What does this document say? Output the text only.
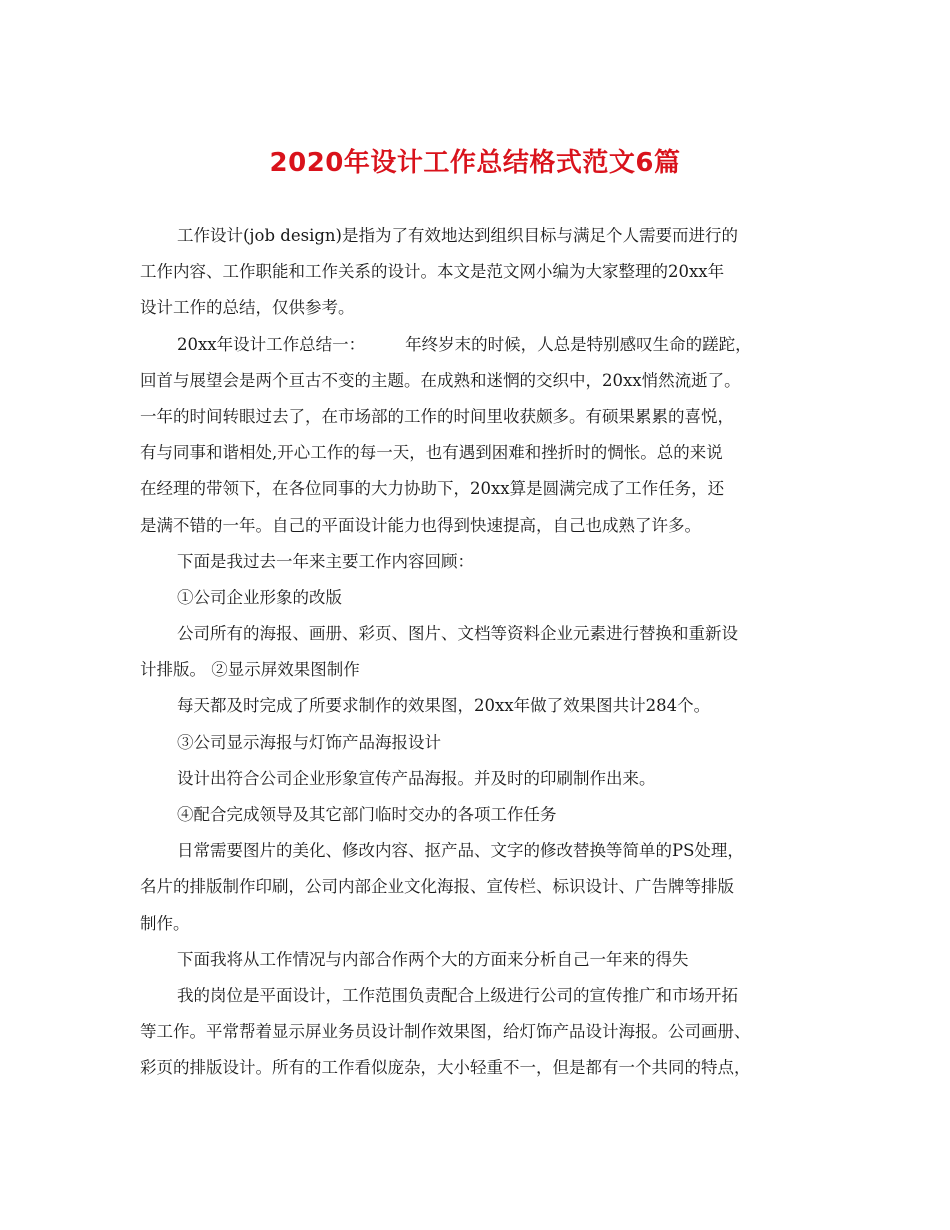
2020年设计工作总结格式范文6篇
工作设计(job design)是指为了有效地达到组织目标与满足个人需要而进行的
工作内容、工作职能和工作关系的设计。本文是范文网小编为大家整理的20xx年
设计工作的总结，仅供参考。
20xx年设计工作总结一： 年终岁末的时候，人总是特别感叹生命的蹉跎，
回首与展望会是两个亘古不变的主题。在成熟和迷惘的交织中，20xx悄然流逝了。
一年的时间转眼过去了，在市场部的工作的时间里收获颇多。有硕果累累的喜悦，
有与同事和谐相处,开心工作的每一天，也有遇到困难和挫折时的惆怅。总的来说
在经理的带领下，在各位同事的大力协助下，20xx算是圆满完成了工作任务，还
是满不错的一年。自己的平面设计能力也得到快速提高，自己也成熟了许多。
下面是我过去一年来主要工作内容回顾：
①公司企业形象的改版
公司所有的海报、画册、彩页、图片、文档等资料企业元素进行替换和重新设
计排版。 ②显示屏效果图制作
每天都及时完成了所要求制作的效果图，20xx年做了效果图共计284个。
③公司显示海报与灯饰产品海报设计
设计出符合公司企业形象宣传产品海报。并及时的印刷制作出来。
④配合完成领导及其它部门临时交办的各项工作任务
日常需要图片的美化、修改内容、抠产品、文字的修改替换等简单的PS处理，
名片的排版制作印刷，公司内部企业文化海报、宣传栏、标识设计、广告牌等排版
制作。
下面我将从工作情况与内部合作两个大的方面来分析自己一年来的得失
我的岗位是平面设计，工作范围负责配合上级进行公司的宣传推广和市场开拓
等工作。平常帮着显示屏业务员设计制作效果图，给灯饰产品设计海报。公司画册、
彩页的排版设计。所有的工作看似庞杂，大小轻重不一，但是都有一个共同的特点，
